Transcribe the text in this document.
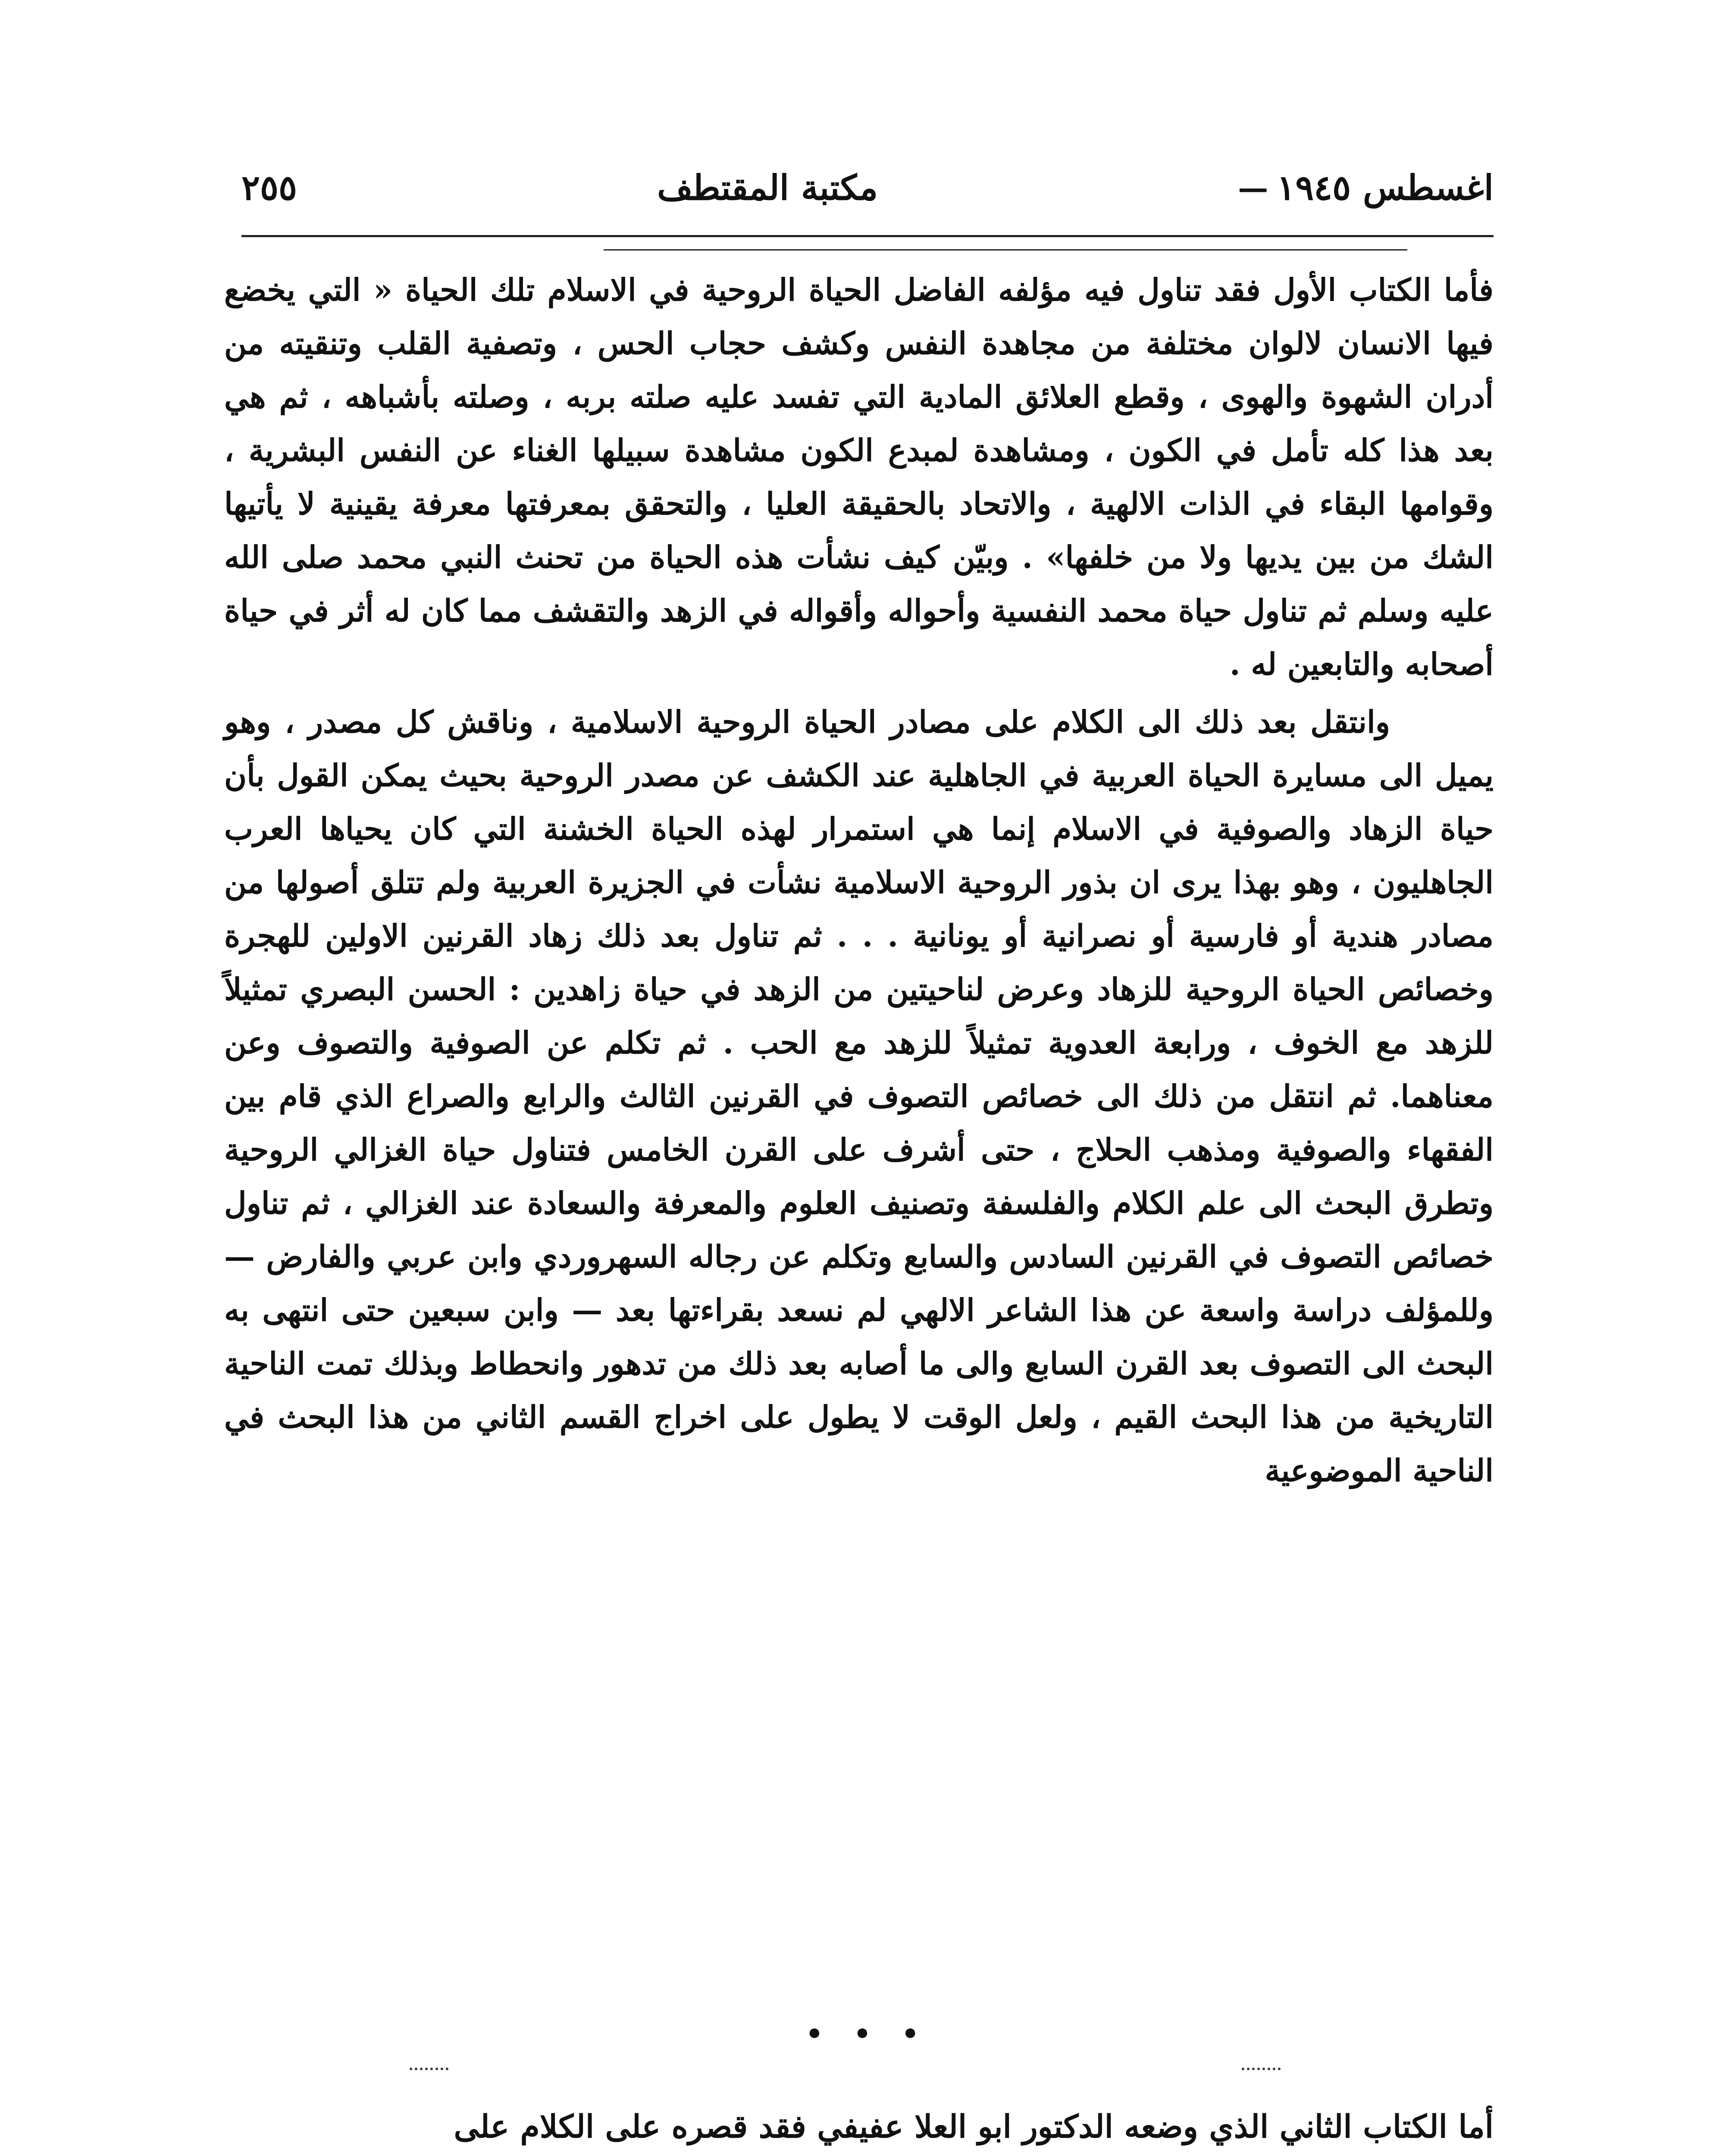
اغسطس ١٩٤٥
—
مكتبة المقتطف
٢٥٥

فأما الكتاب الأول فقد تناول فيه مؤلفه الفاضل الحياة الروحية في الاسلام تلك الحياة « التي يخضع فيها الانسان لالوان مختلفة من مجاهدة النفس وكشف حجاب الحس ، وتصفية القلب وتنقيته من أدران الشهوة والهوى ، وقطع العلائق المادية التي تفسد عليه صلته بربه ، وصلته بأشباهه ، ثم هي بعد هذا كله تأمل في الكون ، ومشاهدة لمبدع الكون مشاهدة سبيلها الغناء عن النفس البشرية ، وقوامها البقاء في الذات الالهية ، والاتحاد بالحقيقة العليا ، والتحقق بمعرفتها معرفة يقينية لا يأتيها الشك من بين يديها ولا من خلفها» . وبيّن كيف نشأت هذه الحياة من تحنث النبي محمد صلى الله عليه وسلم ثم تناول حياة محمد النفسية وأحواله وأقواله في الزهد والتقشف مما كان له أثر في حياة أصحابه والتابعين له .

وانتقل بعد ذلك الى الكلام على مصادر الحياة الروحية الاسلامية ، وناقش كل مصدر ، وهو يميل الى مسايرة الحياة العربية في الجاهلية عند الكشف عن مصدر الروحية بحيث يمكن القول بأن حياة الزهاد والصوفية في الاسلام إنما هي استمرار لهذه الحياة الخشنة التي كان يحياها العرب الجاهليون ، وهو بهذا يرى ان بذور الروحية الاسلامية نشأت في الجزيرة العربية ولم تتلق أصولها من مصادر هندية أو فارسية أو نصرانية أو يونانية . . . ثم تناول بعد ذلك زهاد القرنين الاولين للهجرة وخصائص الحياة الروحية للزهاد وعرض لناحيتين من الزهد في حياة زاهدين : الحسن البصري تمثيلاً للزهد مع الخوف ، ورابعة العدوية تمثيلاً للزهد مع الحب . ثم تكلم عن الصوفية والتصوف وعن معناهما. ثم انتقل من ذلك الى خصائص التصوف في القرنين الثالث والرابع والصراع الذي قام بين الفقهاء والصوفية ومذهب الحلاج ، حتى أشرف على القرن الخامس فتناول حياة الغزالي الروحية وتطرق البحث الى علم الكلام والفلسفة وتصنيف العلوم والمعرفة والسعادة عند الغزالي ، ثم تناول خصائص التصوف في القرنين السادس والسابع وتكلم عن رجاله السهروردي وابن عربي والفارض — وللمؤلف دراسة واسعة عن هذا الشاعر الالهي لم نسعد بقراءتها بعد — وابن سبعين حتى انتهى به البحث الى التصوف بعد القرن السابع والى ما أصابه بعد ذلك من تدهور وانحطاط وبذلك تمت الناحية التاريخية من هذا البحث القيم ، ولعل الوقت لا يطول على اخراج القسم الثاني من هذا البحث في الناحية الموضوعية

• • •
أما الكتاب الثاني الذي وضعه الدكتور ابو العلا عفيفي فقد قصره على الكلام على
